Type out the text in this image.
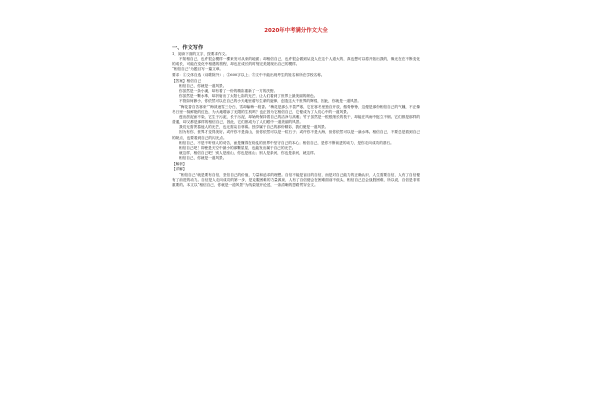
2020年中考满分作文大全
一、作文写作

1．阅读下面的文字，按要求作文。

不知相自己，也许很会模样一棵来发可从来的地面；却相信自己，也许很会做到从没人在这个人道大的，真也想可以将开拓出我的，像光在在不断变化的成长，可能在变化中相遇的旅程，却也在成长的时刻完美展现出自己的模样。

“相信自己”为题目写一篇文章。

要求：①文体自选（诗歌除外）；②600字以上；③文中不能出现考生的姓名和所在学校名称。

【答案】相信自己

相信自己，你就是一道风景。

你虽然是一条小溪，却有着了一份的精彩重新了一方的沃野。

你虽然是一颗水珠，却折射出了太阳七彩的光芒，让人们看到了世界上最美丽的颜色。

不管如何渺小，你依然可以在自己的小天地里谱写生命的旋律，创造这大千世界的辉煌，因此，你就是一道风景。

“梅花香自苦寒来”“梅须逊雪三分白，雪却输梅一段香。”梅花是那么不畏严寒，它在寒冬里独自开放，傲骨铮铮，这便是那份相信自己的气魄，不正像冬日里一抹鲜艳的红色，为大地增添了无限的生机吗？也正因为它相信自己，它便成为了人们心中的一道风景。

莲出淤泥而不染，它生于污泥，长于污泥，却始终保持着自己的洁净与高雅；竹子虽然是一根根细长的枝干，却能在风雨中挺立不倒。它们都是那样的普通，却又都是那样的相信自己，因此，它们都成为了人们眼中一道美丽的风景。

我们无需羡慕他人的光芒，也无需妄自菲薄。独享属于自己的那份精彩，我们便是一道风景。

因为有你，世界才变得美好。或许你不是高山，但你依然可以是一粒石子；或许你不是大海，但你依然可以是一滴水珠。相信自己，不要总是看到自己的缺点，也要看到自己的闪光点。

相信自己，不是不听别人的劝告，而是懂得在纷乱的世界中坚守自己的本心；相信自己，是你不断前进的动力，是你走向成功的基石。

相信自己吧！即使是天空中最小的那颗星星，也能发出属于自己的光芒。

就这样，相信自己吧！别人是座山，你也是座山；别人是条河，你也是条河，就这样。

相信自己，你就是一道风景。

【解析】

【详解】

“相信自己”就是要有自信，坚信自己的价值，力量和追求的理想。自信不能是盲目的自信，而是对自己能力的正确认识，人生需要自信，人有了自信便有了前进的动力。自信是人走向成功的第一步，是克服困难的力量源泉，人有了自信便会在困难面前不低头，相信自己总会战胜困难，所以说，自信是非常重要的。本文以“相信自己，你就是一道风景”为线索展开论述，一条清晰的思路贯穿全文。
